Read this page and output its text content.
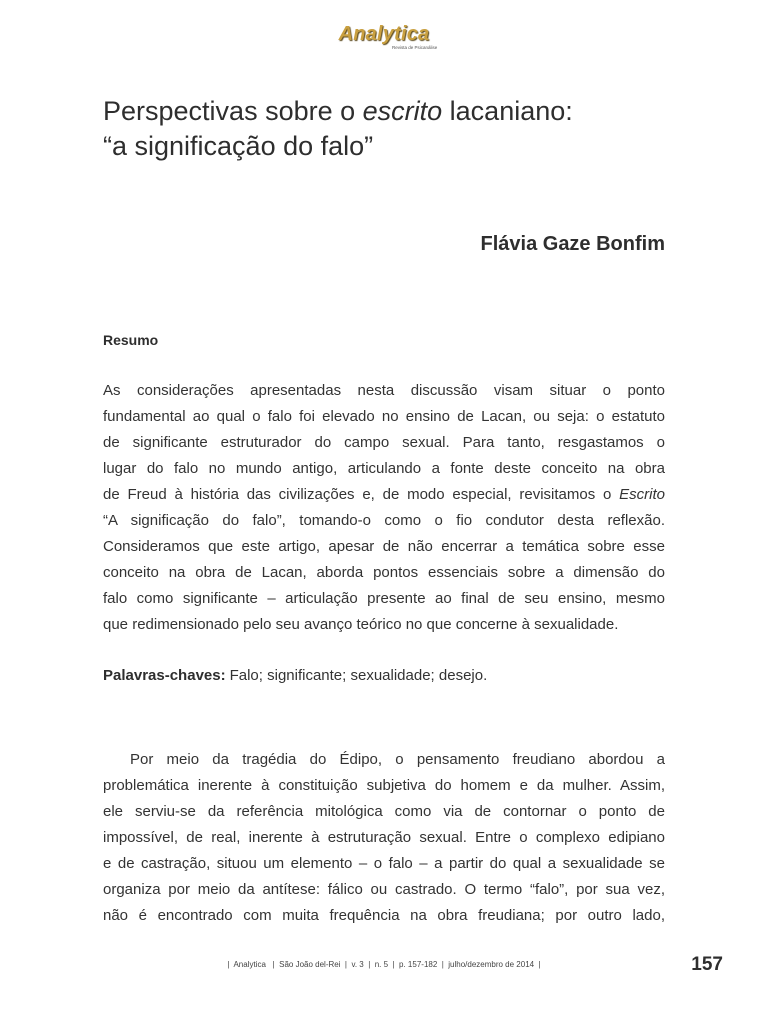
Analytica
Revista de Psicanálise
Perspectivas sobre o escrito lacaniano:
“a significação do falo”
Flávia Gaze Bonfim
Resumo
As considerações apresentadas nesta discussão visam situar o ponto
fundamental ao qual o falo foi elevado no ensino de Lacan, ou seja: o estatuto
de significante estruturador do campo sexual. Para tanto, resgastamos o
lugar do falo no mundo antigo, articulando a fonte deste conceito na obra
de Freud à história das civilizações e, de modo especial, revisitamos o Escrito
“A significação do falo”, tomando-o como o fio condutor desta reflexão.
Consideramos que este artigo, apesar de não encerrar a temática sobre esse
conceito na obra de Lacan, aborda pontos essenciais sobre a dimensão do
falo como significante – articulação presente ao final de seu ensino, mesmo
que redimensionado pelo seu avanço teórico no que concerne à sexualidade.
Palavras-chaves: Falo; significante; sexualidade; desejo.
Por meio da tragédia do Édipo, o pensamento freudiano abordou a
problemática inerente à constituição subjetiva do homem e da mulher. Assim,
ele serviu-se da referência mitológica como via de contornar o ponto de
impossível, de real, inerente à estruturação sexual. Entre o complexo edipiano
e de castração, situou um elemento – o falo – a partir do qual a sexualidade se
organiza por meio da antítese: fálico ou castrado. O termo “falo”, por sua vez,
não é encontrado com muita frequência na obra freudiana; por outro lado,
|  Analytica   |  São João del-Rei  |  v. 3  |  n. 5  |  p. 157-182  |  julho/dezembro de 2014  |	157
